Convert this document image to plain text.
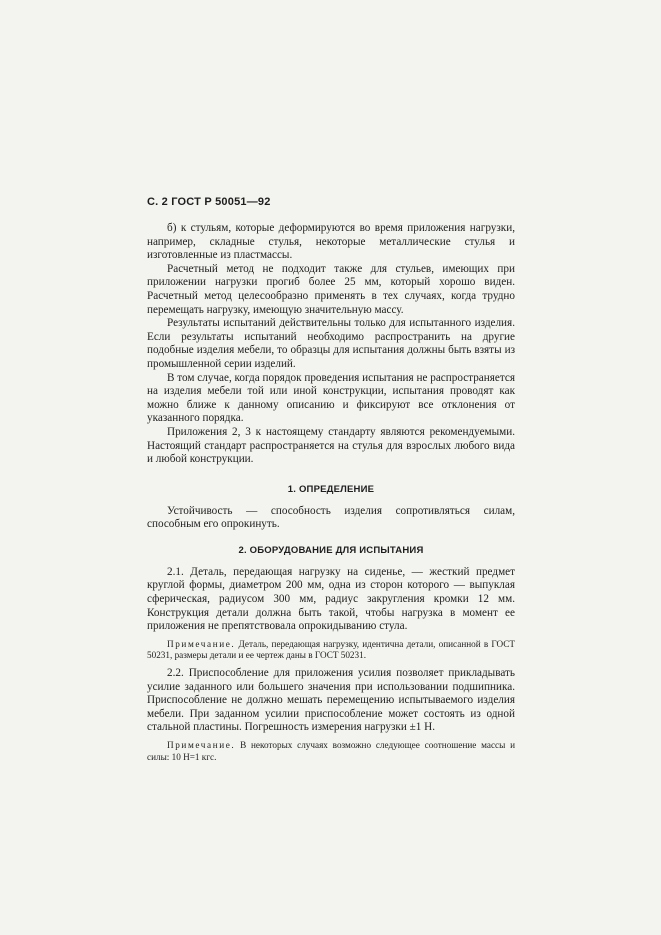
С. 2 ГОСТ Р 50051—92

б) к стульям, которые деформируются во время приложения нагрузки, например, складные стулья, некоторые металлические стулья и изготовленные из пластмассы.

Расчетный метод не подходит также для стульев, имеющих при приложении нагрузки прогиб более 25 мм, который хорошо виден. Расчетный метод целесообразно применять в тех случаях, когда трудно перемещать нагрузку, имеющую значительную массу.

Результаты испытаний действительны только для испытанного изделия. Если результаты испытаний необходимо распространить на другие подобные изделия мебели, то образцы для испытания должны быть взяты из промышленной серии изделий.

В том случае, когда порядок проведения испытания не распространяется на изделия мебели той или иной конструкции, испытания проводят как можно ближе к данному описанию и фиксируют все отклонения от указанного порядка.

Приложения 2, 3 к настоящему стандарту являются рекомендуемыми. Настоящий стандарт распространяется на стулья для взрослых любого вида и любой конструкции.

1. ОПРЕДЕЛЕНИЕ

Устойчивость — способность изделия сопротивляться силам, способным его опрокинуть.

2. ОБОРУДОВАНИЕ ДЛЯ ИСПЫТАНИЯ

2.1. Деталь, передающая нагрузку на сиденье, — жесткий предмет круглой формы, диаметром 200 мм, одна из сторон которого — выпуклая сферическая, радиусом 300 мм, радиус закругления кромки 12 мм. Конструкция детали должна быть такой, чтобы нагрузка в момент ее приложения не препятствовала опрокидыванию стула.

Примечание. Деталь, передающая нагрузку, идентична детали, описанной в ГОСТ 50231, размеры детали и ее чертеж даны в ГОСТ 50231.

2.2. Приспособление для приложения усилия позволяет прикладывать усилие заданного или большего значения при использовании подшипника. Приспособление не должно мешать перемещению испытываемого изделия мебели. При заданном усилии приспособление может состоять из одной стальной пластины. Погрешность измерения нагрузки ±1 Н.

Примечание. В некоторых случаях возможно следующее соотношение массы и силы: 10 Н=1 кгс.
